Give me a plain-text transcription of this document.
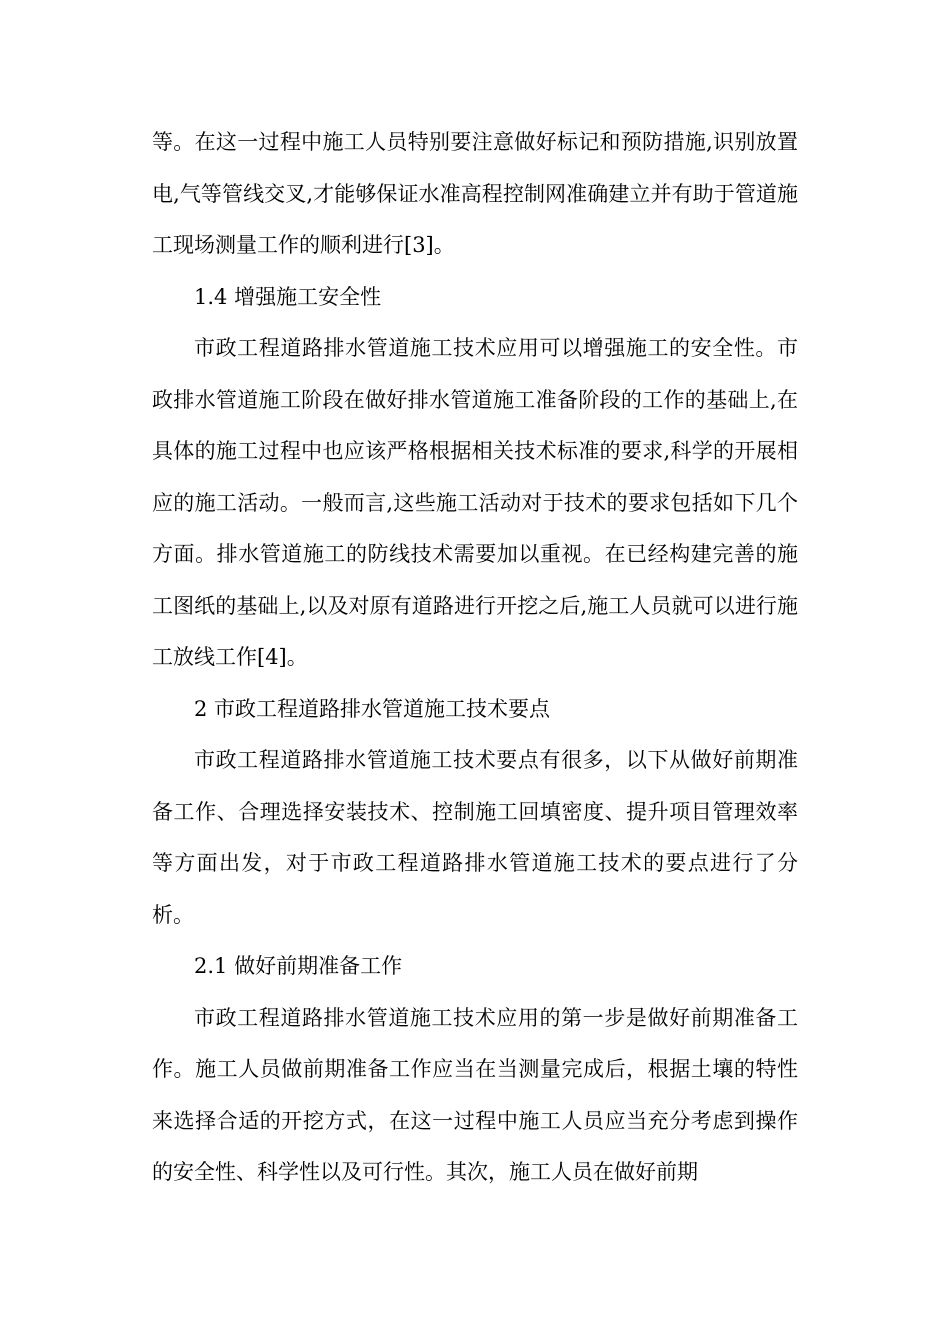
等。在这一过程中施工人员特别要注意做好标记和预防措施,识别放置电,气等管线交叉,才能够保证水准高程控制网准确建立并有助于管道施工现场测量工作的顺利进行[3]。

1.4 增强施工安全性

市政工程道路排水管道施工技术应用可以增强施工的安全性。市政排水管道施工阶段在做好排水管道施工准备阶段的工作的基础上,在具体的施工过程中也应该严格根据相关技术标准的要求,科学的开展相应的施工活动。一般而言,这些施工活动对于技术的要求包括如下几个方面。排水管道施工的防线技术需要加以重视。在已经构建完善的施工图纸的基础上,以及对原有道路进行开挖之后,施工人员就可以进行施工放线工作[4]。

2 市政工程道路排水管道施工技术要点

市政工程道路排水管道施工技术要点有很多，以下从做好前期准备工作、合理选择安装技术、控制施工回填密度、提升项目管理效率等方面出发，对于市政工程道路排水管道施工技术的要点进行了分析。

2.1 做好前期准备工作

市政工程道路排水管道施工技术应用的第一步是做好前期准备工作。施工人员做前期准备工作应当在当测量完成后，根据土壤的特性来选择合适的开挖方式，在这一过程中施工人员应当充分考虑到操作的安全性、科学性以及可行性。其次，施工人员在做好前期
